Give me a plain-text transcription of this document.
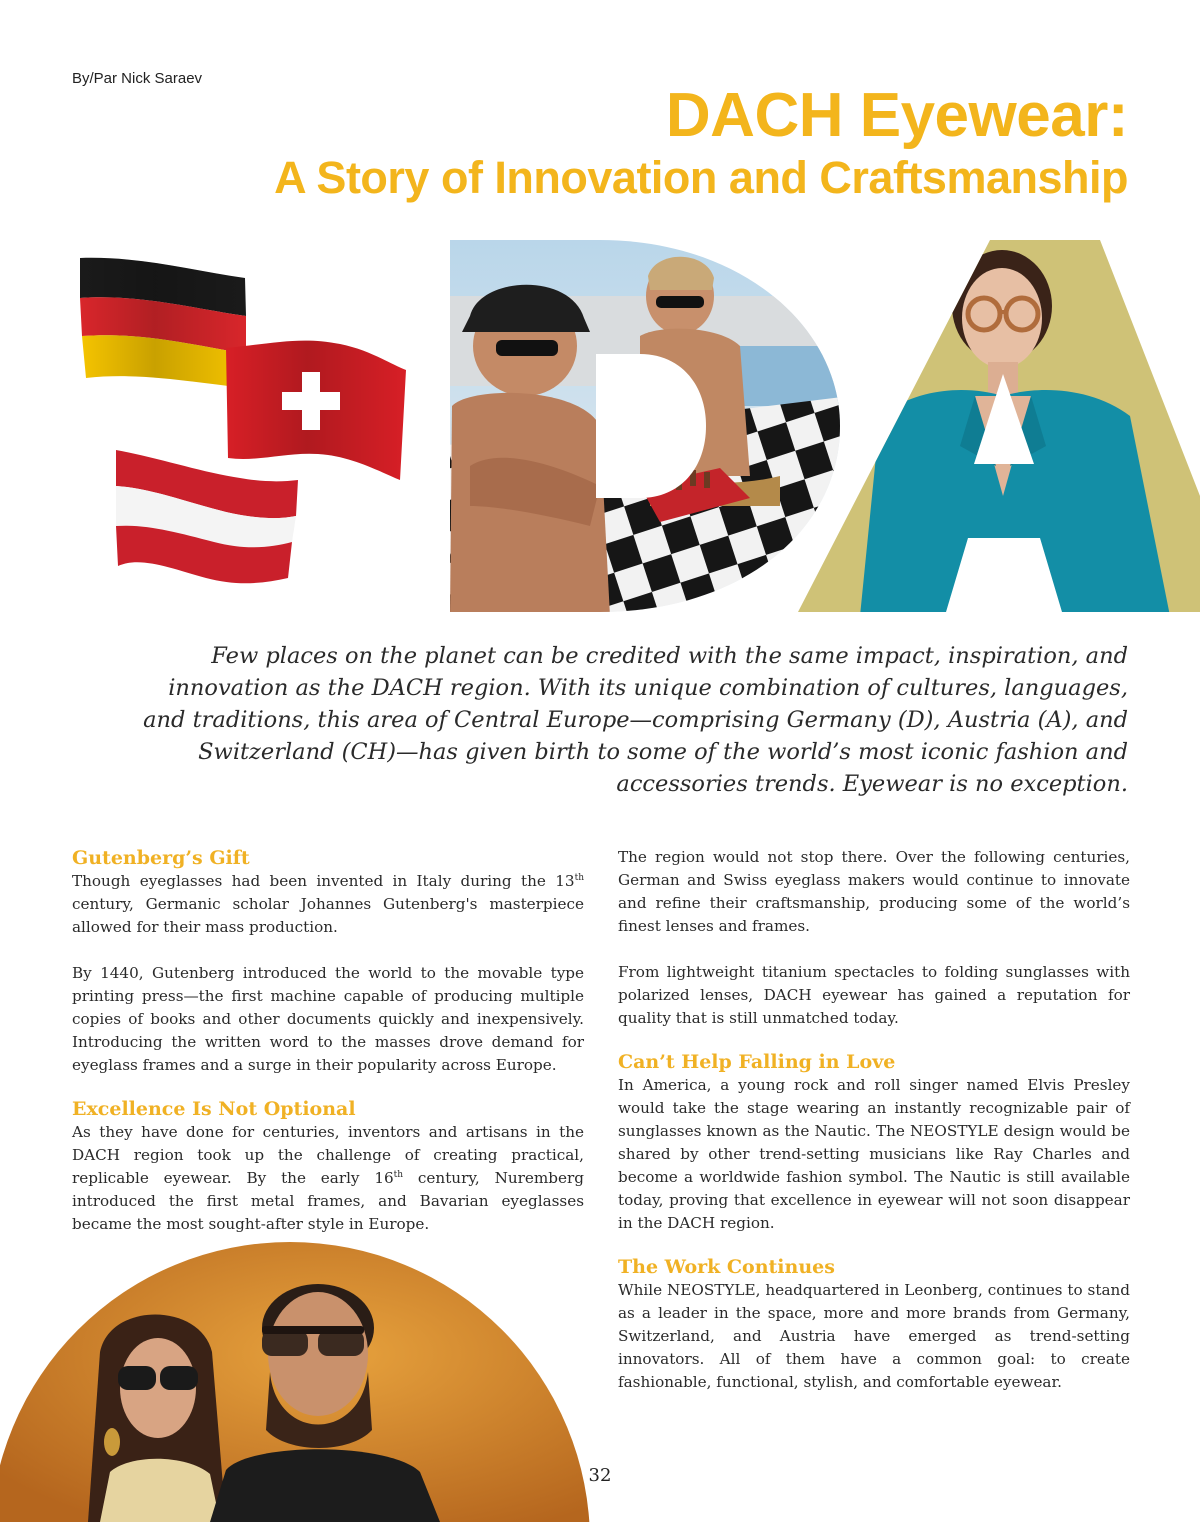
By/Par Nick Saraev
DACH Eyewear:
A Story of Innovation and Craftsmanship

Few places on the planet can be credited with the same impact, inspiration, and innovation as the DACH region. With its unique combination of cultures, languages, and traditions, this area of Central Europe—comprising Germany (D), Austria (A), and Switzerland (CH)—has given birth to some of the world’s most iconic fashion and accessories trends. Eyewear is no exception.

Gutenberg’s Gift

Though eyeglasses had been invented in Italy during the 13th century, Germanic scholar Johannes Gutenberg's masterpiece allowed for their mass production.

By 1440, Gutenberg introduced the world to the movable type printing press—the first machine capable of producing multiple copies of books and other documents quickly and inexpensively. Introducing the written word to the masses drove demand for eyeglass frames and a surge in their popularity across Europe.

Excellence Is Not Optional

As they have done for centuries, inventors and artisans in the DACH region took up the challenge of creating practical, replicable eyewear. By the early 16th century, Nuremberg introduced the first metal frames, and Bavarian eyeglasses became the most sought-after style in Europe.

The region would not stop there. Over the following centuries, German and Swiss eyeglass makers would continue to innovate and refine their craftsmanship, producing some of the world’s finest lenses and frames.

From lightweight titanium spectacles to folding sunglasses with polarized lenses, DACH eyewear has gained a reputation for quality that is still unmatched today.

Can’t Help Falling in Love

In America, a young rock and roll singer named Elvis Presley would take the stage wearing an instantly recognizable pair of sunglasses known as the Nautic. The NEOSTYLE design would be shared by other trend-setting musicians like Ray Charles and become a worldwide fashion symbol. The Nautic is still available today, proving that excellence in eyewear will not soon disappear in the DACH region.

The Work Continues

While NEOSTYLE, headquartered in Leonberg, continues to stand as a leader in the space, more and more brands from Germany, Switzerland, and Austria have emerged as trend-setting innovators. All of them have a common goal: to create fashionable, functional, stylish, and comfortable eyewear.

32
